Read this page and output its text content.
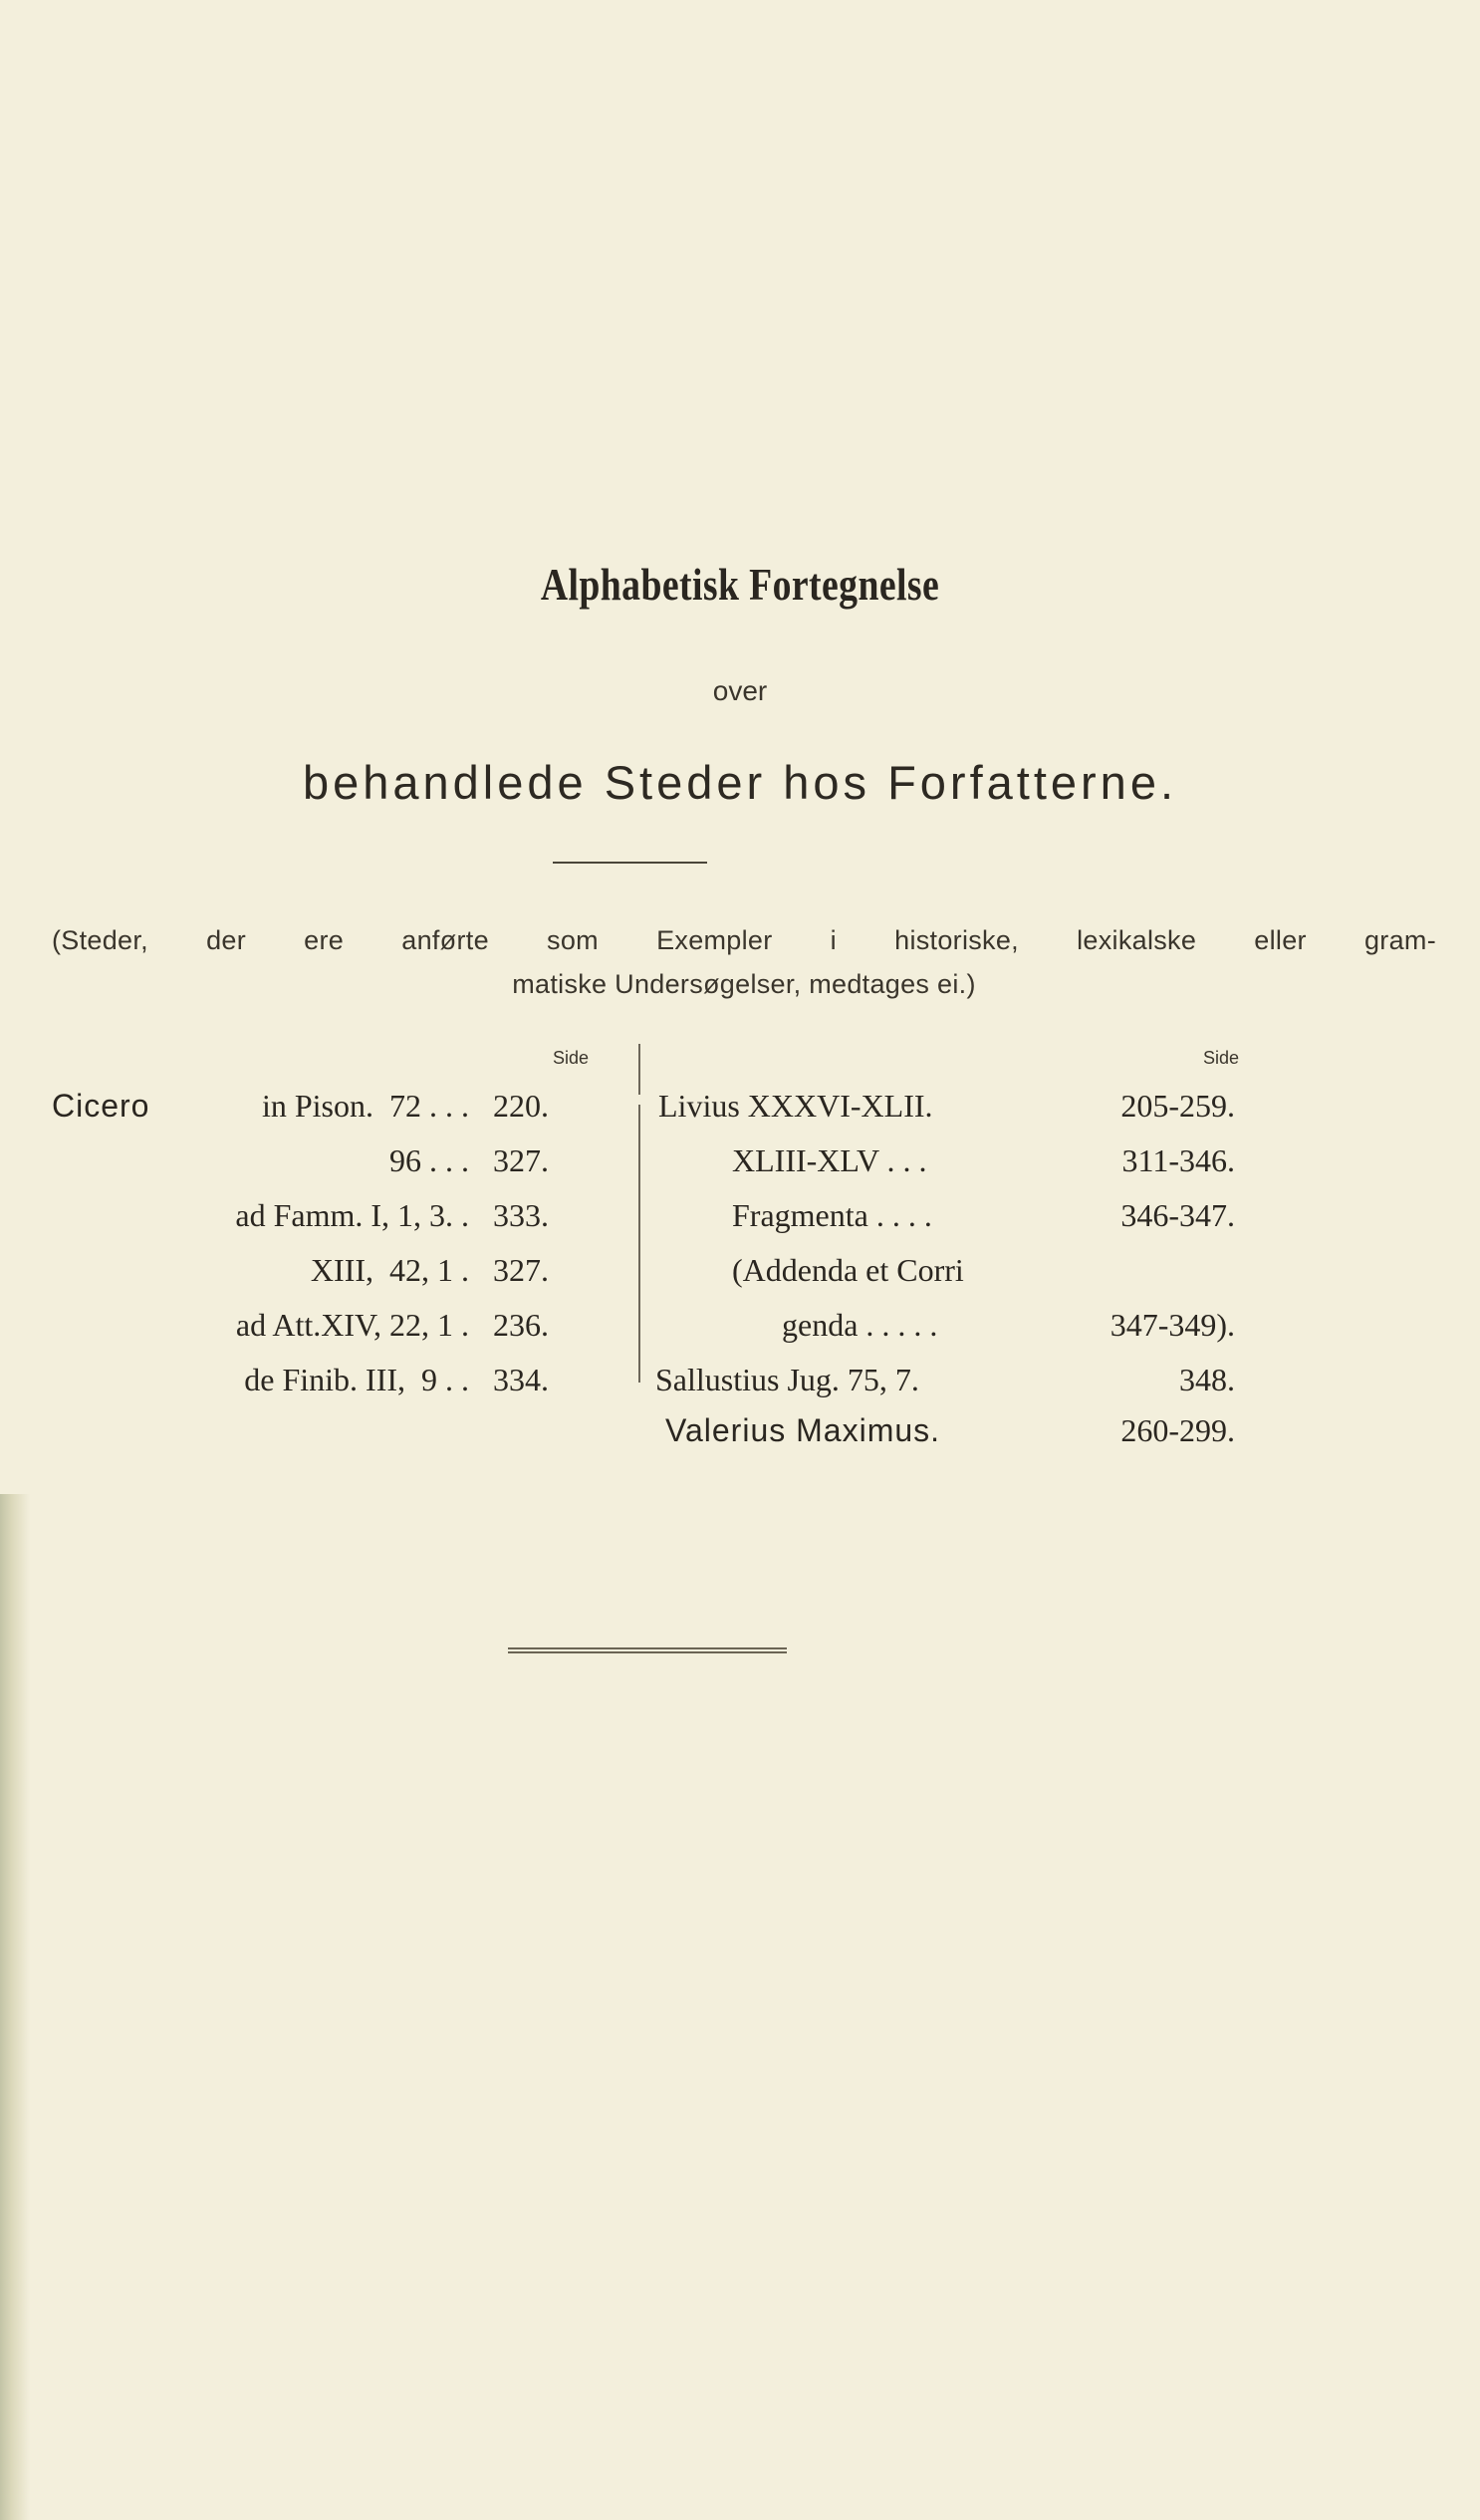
Alphabetisk Fortegnelse
over
behandlede Steder hos Forfatterne.
(Steder, der ere anførte som Exempler i historiske, lexikalske eller gram-
matiske Undersøgelser, medtages ei.)
Side
Cicero	in Pison.  72 . . . 220.
96 . . . 327.
ad Famm. I, 1, 3. . 333.
XIII,  42, 1 . 327.
ad Att.XIV, 22, 1 . 236.
de Finib. III,  9 . . 334.
Side
Livius XXXVI-XLII.	205-259.
XLIII-XLV . . .	311-346.
Fragmenta . . . .	346-347.
(Addenda et Corri
genda . . . . .	347-349).
Sallustius Jug. 75, 7.	348.
Valerius Maximus.	260-299.
